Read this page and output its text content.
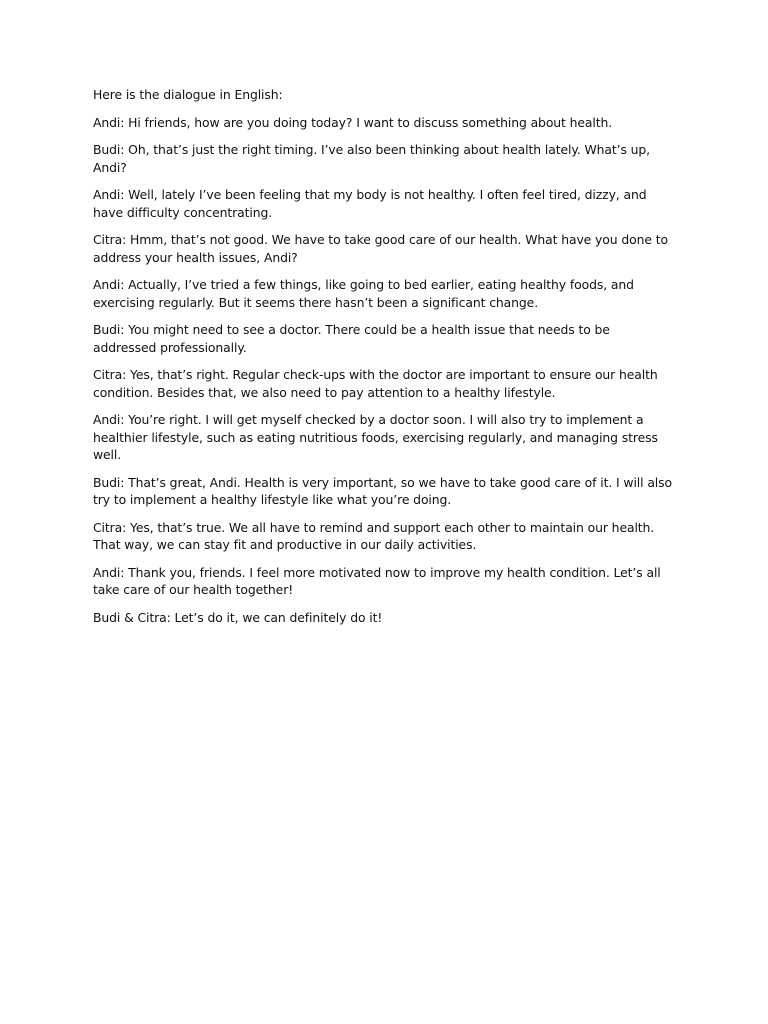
Here is the dialogue in English:

Andi: Hi friends, how are you doing today? I want to discuss something about health.

Budi: Oh, that’s just the right timing. I’ve also been thinking about health lately. What’s up, Andi?

Andi: Well, lately I’ve been feeling that my body is not healthy. I often feel tired, dizzy, and have difficulty concentrating.

Citra: Hmm, that’s not good. We have to take good care of our health. What have you done to address your health issues, Andi?

Andi: Actually, I’ve tried a few things, like going to bed earlier, eating healthy foods, and exercising regularly. But it seems there hasn’t been a significant change.

Budi: You might need to see a doctor. There could be a health issue that needs to be addressed professionally.

Citra: Yes, that’s right. Regular check-ups with the doctor are important to ensure our health condition. Besides that, we also need to pay attention to a healthy lifestyle.

Andi: You’re right. I will get myself checked by a doctor soon. I will also try to implement a healthier lifestyle, such as eating nutritious foods, exercising regularly, and managing stress well.

Budi: That’s great, Andi. Health is very important, so we have to take good care of it. I will also try to implement a healthy lifestyle like what you’re doing.

Citra: Yes, that’s true. We all have to remind and support each other to maintain our health. That way, we can stay fit and productive in our daily activities.

Andi: Thank you, friends. I feel more motivated now to improve my health condition. Let’s all take care of our health together!

Budi & Citra: Let’s do it, we can definitely do it!
